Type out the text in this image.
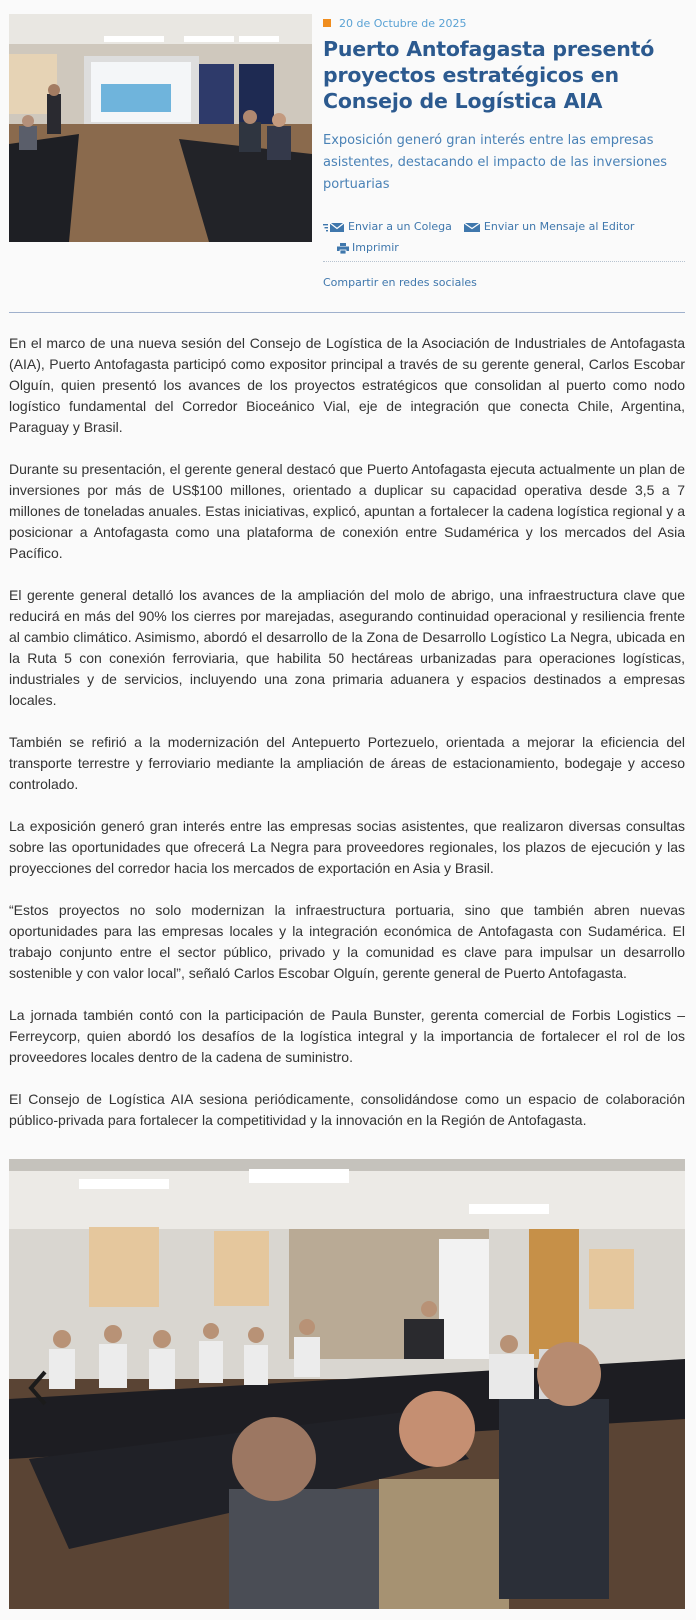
20 de Octubre de 2025
Puerto Antofagasta presentó proyectos estratégicos en Consejo de Logística AIA

Exposición generó gran interés entre las empresas asistentes, destacando el impacto de las inversiones portuarias

Enviar a un Colega	Enviar un Mensaje al Editor
Imprimir
Compartir en redes sociales

En el marco de una nueva sesión del Consejo de Logística de la Asociación de Industriales de Antofagasta (AIA), Puerto Antofagasta participó como expositor principal a través de su gerente general, Carlos Escobar Olguín, quien presentó los avances de los proyectos estratégicos que consolidan al puerto como nodo logístico fundamental del Corredor Bioceánico Vial, eje de integración que conecta Chile, Argentina, Paraguay y Brasil.

Durante su presentación, el gerente general destacó que Puerto Antofagasta ejecuta actualmente un plan de inversiones por más de US$100 millones, orientado a duplicar su capacidad operativa desde 3,5 a 7 millones de toneladas anuales. Estas iniciativas, explicó, apuntan a fortalecer la cadena logística regional y a posicionar a Antofagasta como una plataforma de conexión entre Sudamérica y los mercados del Asia Pacífico.

El gerente general detalló los avances de la ampliación del molo de abrigo, una infraestructura clave que reducirá en más del 90% los cierres por marejadas, asegurando continuidad operacional y resiliencia frente al cambio climático. Asimismo, abordó el desarrollo de la Zona de Desarrollo Logístico La Negra, ubicada en la Ruta 5 con conexión ferroviaria, que habilita 50 hectáreas urbanizadas para operaciones logísticas, industriales y de servicios, incluyendo una zona primaria aduanera y espacios destinados a empresas locales.

También se refirió a la modernización del Antepuerto Portezuelo, orientada a mejorar la eficiencia del transporte terrestre y ferroviario mediante la ampliación de áreas de estacionamiento, bodegaje y acceso controlado.

La exposición generó gran interés entre las empresas socias asistentes, que realizaron diversas consultas sobre las oportunidades que ofrecerá La Negra para proveedores regionales, los plazos de ejecución y las proyecciones del corredor hacia los mercados de exportación en Asia y Brasil.

“Estos proyectos no solo modernizan la infraestructura portuaria, sino que también abren nuevas oportunidades para las empresas locales y la integración económica de Antofagasta con Sudamérica. El trabajo conjunto entre el sector público, privado y la comunidad es clave para impulsar un desarrollo sostenible y con valor local”, señaló Carlos Escobar Olguín, gerente general de Puerto Antofagasta.

La jornada también contó con la participación de Paula Bunster, gerenta comercial de Forbis Logistics – Ferreycorp, quien abordó los desafíos de la logística integral y la importancia de fortalecer el rol de los proveedores locales dentro de la cadena de suministro.

El Consejo de Logística AIA sesiona periódicamente, consolidándose como un espacio de colaboración público-privada para fortalecer la competitividad y la innovación en la Región de Antofagasta.
